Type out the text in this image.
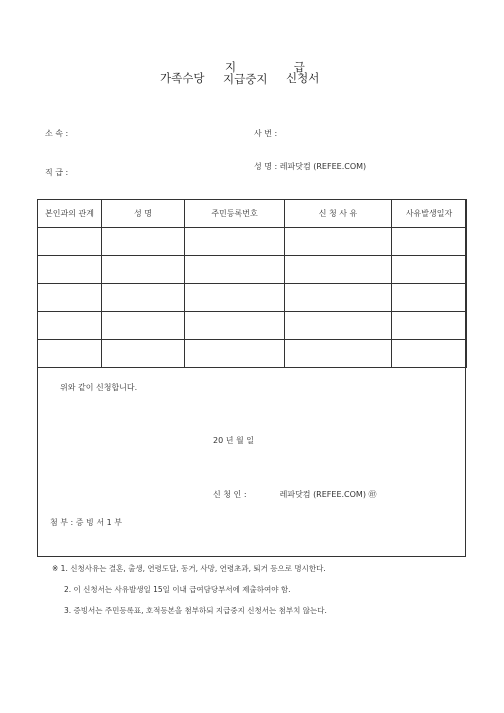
가족수당
지 급
지급중지	신청서
소 속 :	사 번 :
직 급 :
성 명 : 레파닷컴 (REFEE.COM)
본인과의 관계	성 명	주민등록번호	신 청 사 유	사유발생일자

위와 같이 신청합니다.
20 년 월 일
신 청 인 :	레파닷컴 (REFEE.COM) ㊞
첨 부 : 증 빙 서 1 부
※ 1. 신청사유는 결혼, 출생, 연령도달, 동거, 사망, 연령초과, 퇴거 등으로 명시한다.
2. 이 신청서는 사유발생일 15일 이내 급여담당부서에 제출하여야 함.
3. 증빙서는 주민등록표, 호적등본을 첨부하되 지급중지 신청서는 첨부치 않는다.
